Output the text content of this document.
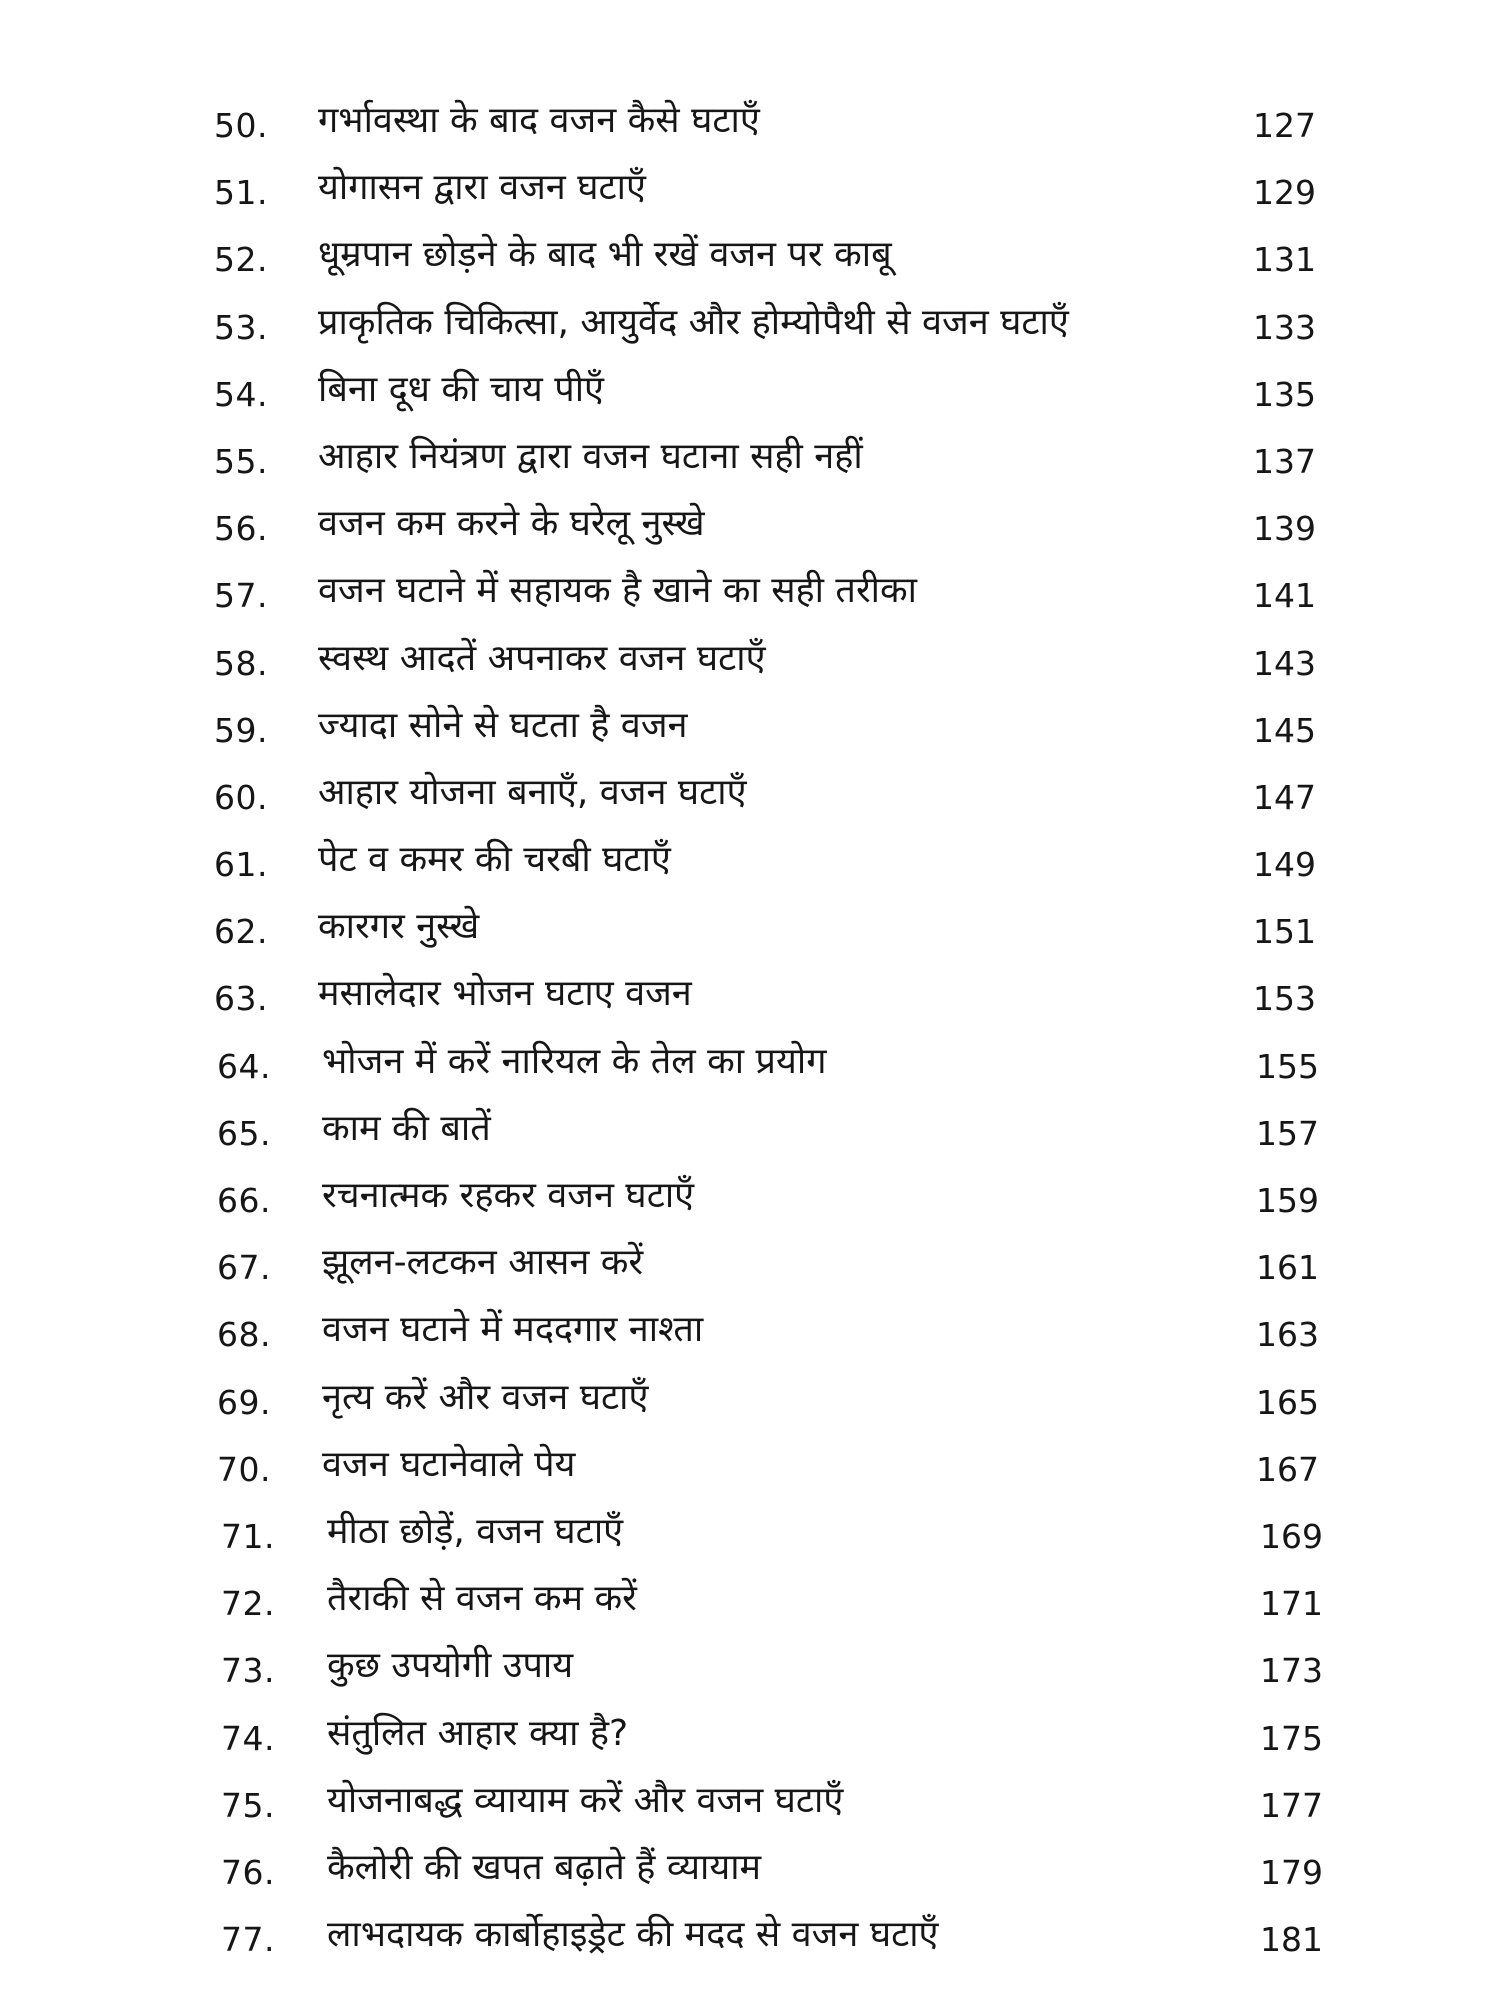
50. गर्भावस्था के बाद वजन कैसे घटाएँ	127
51. योगासन द्वारा वजन घटाएँ	129
52. धूम्रपान छोड़ने के बाद भी रखें वजन पर काबू	131
53. प्राकृतिक चिकित्सा, आयुर्वेद और होम्योपैथी से वजन घटाएँ	133
54. बिना दूध की चाय पीएँ	135
55. आहार नियंत्रण द्वारा वजन घटाना सही नहीं	137
56. वजन कम करने के घरेलू नुस्खे	139
57. वजन घटाने में सहायक है खाने का सही तरीका	141
58. स्वस्थ आदतें अपनाकर वजन घटाएँ	143
59. ज्यादा सोने से घटता है वजन	145
60. आहार योजना बनाएँ, वजन घटाएँ	147
61. पेट व कमर की चरबी घटाएँ	149
62. कारगर नुस्खे	151
63. मसालेदार भोजन घटाए वजन	153
64. भोजन में करें नारियल के तेल का प्रयोग	155
65. काम की बातें	157
66. रचनात्मक रहकर वजन घटाएँ	159
67. झूलन-लटकन आसन करें	161
68. वजन घटाने में मददगार नाश्ता	163
69. नृत्य करें और वजन घटाएँ	165
70. वजन घटानेवाले पेय	167
71. मीठा छोड़ें, वजन घटाएँ	169
72. तैराकी से वजन कम करें	171
73. कुछ उपयोगी उपाय	173
74. संतुलित आहार क्या है?	175
75. योजनाबद्ध व्यायाम करें और वजन घटाएँ	177
76. कैलोरी की खपत बढ़ाते हैं व्यायाम	179
77. लाभदायक कार्बोहाइड्रेट की मदद से वजन घटाएँ	181
